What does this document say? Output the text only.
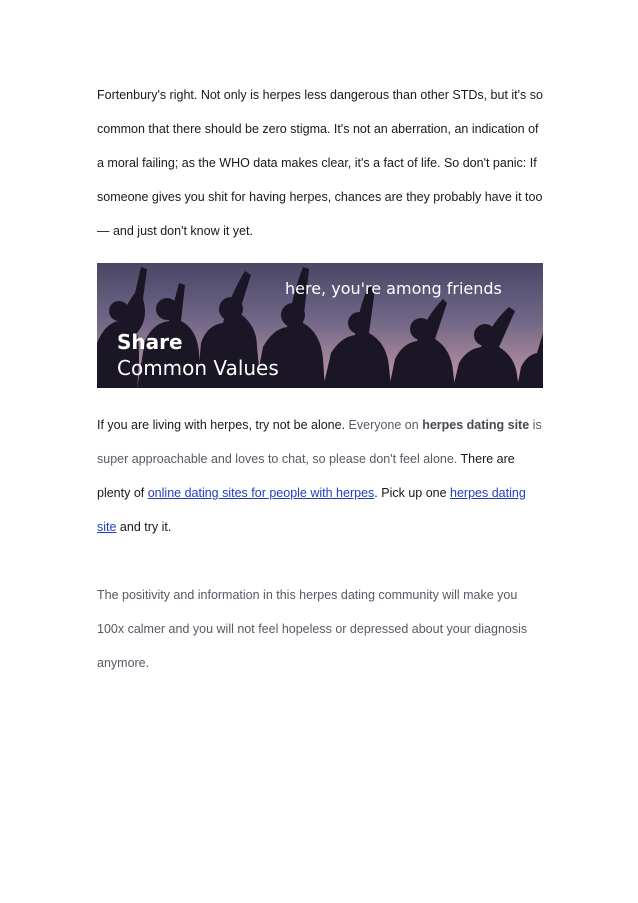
Fortenbury's right. Not only is herpes less dangerous than other STDs, but it's so common that there should be zero stigma. It's not an aberration, an indication of a moral failing; as the WHO data makes clear, it's a fact of life. So don't panic: If someone gives you shit for having herpes, chances are they probably have it too — and just don't know it yet.

here, you're among friends
Share
Common Values

If you are living with herpes, try not be alone. Everyone on herpes dating site is super approachable and loves to chat, so please don't feel alone. There are plenty of online dating sites for people with herpes. Pick up one herpes dating site and try it.

The positivity and information in this herpes dating community will make you 100x calmer and you will not feel hopeless or depressed about your diagnosis anymore.
